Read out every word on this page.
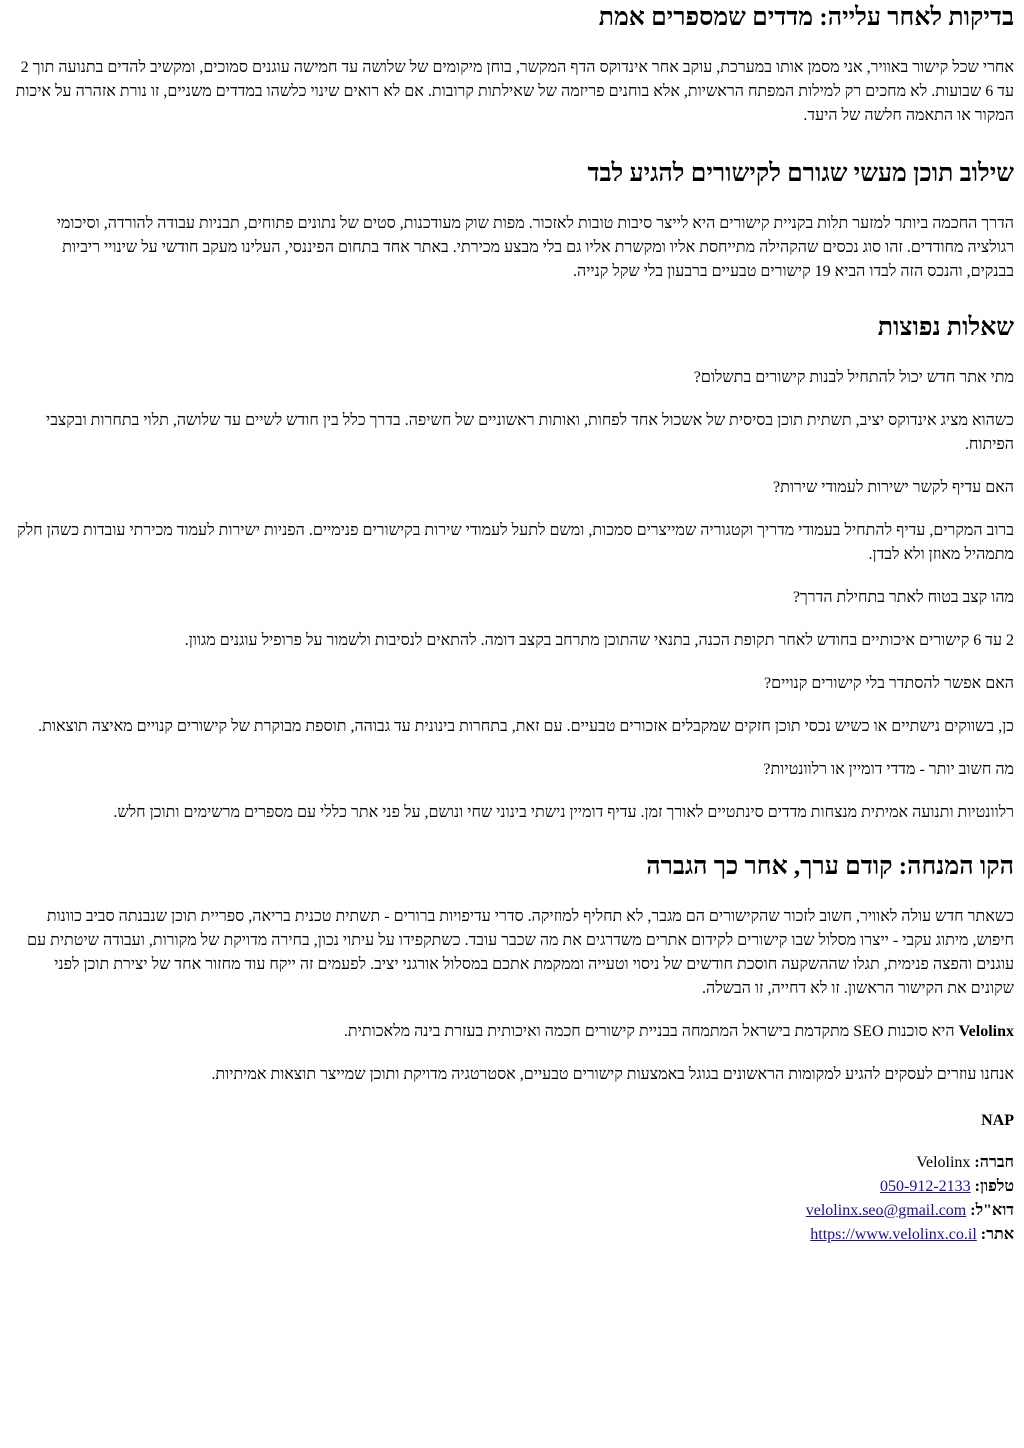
בדיקות לאחר עלייה: מדדים שמספרים אמת

אחרי שכל קישור באוויר, אני מסמן אותו במערכת, עוקב אחר אינדוקס הדף המקשר, בוחן מיקומים של שלושה עד חמישה עוגנים סמוכים, ומקשיב להדים בתנועה תוך 2 עד 6 שבועות. לא מחכים רק למילות המפתח הראשיות, אלא בוחנים פריזמה של שאילתות קרובות. אם לא רואים שינוי כלשהו במדדים משניים, זו נורת אזהרה על איכות המקור או התאמה חלשה של היעד.

שילוב תוכן מעשי שגורם לקישורים להגיע לבד

הדרך החכמה ביותר למזער תלות בקניית קישורים היא לייצר סיבות טובות לאזכור. מפות שוק מעודכנות, סטים של נתונים פתוחים, תבניות עבודה להורדה, וסיכומי רגולציה מחודדים. זהו סוג נכסים שהקהילה מתייחסת אליו ומקשרת אליו גם בלי מבצע מכירתי. באתר אחד בתחום הפיננסי, העלינו מעקב חודשי על שינויי ריביות בבנקים, והנכס הזה לבדו הביא 19 קישורים טבעיים ברבעון בלי שקל קנייה.

שאלות נפוצות

מתי אתר חדש יכול להתחיל לבנות קישורים בתשלום?

כשהוא מציג אינדוקס יציב, תשתית תוכן בסיסית של אשכול אחד לפחות, ואותות ראשוניים של חשיפה. בדרך כלל בין חודש לשיים עד שלושה, תלוי בתחרות ובקצבי הפיתוח.

האם עדיף לקשר ישירות לעמודי שירות?

ברוב המקרים, עדיף להתחיל בעמודי מדריך וקטגוריה שמייצרים סמכות, ומשם לתעל לעמודי שירות בקישורים פנימיים. הפניות ישירות לעמוד מכירתי עובדות כשהן חלק מתמהיל מאוזן ולא לבדן.

מהו קצב בטוח לאתר בתחילת הדרך?

2 עד 6 קישורים איכותיים בחודש לאחר תקופת הכנה, בתנאי שהתוכן מתרחב בקצב דומה. להתאים לנסיבות ולשמור על פרופיל עוגנים מגוון.

האם אפשר להסתדר בלי קישורים קנויים?

כן, בשווקים נישתיים או כשיש נכסי תוכן חזקים שמקבלים אזכורים טבעיים. עם זאת, בתחרות בינונית עד גבוהה, תוספת מבוקרת של קישורים קנויים מאיצה תוצאות.

מה חשוב יותר - מדדי דומיין או רלוונטיות?

רלוונטיות ותנועה אמיתית מנצחות מדדים סינתטיים לאורך זמן. עדיף דומיין נישתי בינוני שחי ונושם, על פני אתר כללי עם מספרים מרשימים ותוכן חלש.

הקו המנחה: קודם ערך, אחר כך הגברה

כשאתר חדש עולה לאוויר, חשוב לזכור שהקישורים הם מגבר, לא תחליף למוזיקה. סדרי עדיפויות ברורים - תשתית טכנית בריאה, ספריית תוכן שנבנתה סביב כוונות חיפוש, מיתוג עקבי - ייצרו מסלול שבו קישורים לקידום אתרים משדרגים את מה שכבר עובד. כשתקפידו על עיתוי נכון, בחירה מדויקת של מקורות, ועבודה שיטתית עם עוגנים והפצה פנימית, תגלו שההשקעה חוסכת חודשים של ניסוי וטעייה וממקמת אתכם במסלול אורגני יציב. לפעמים זה ייקח עוד מחזור אחד של יצירת תוכן לפני שקונים את הקישור הראשון. זו לא דחייה, זו הבשלה.

Velolinx היא סוכנות SEO מתקדמת בישראל המתמחה בבניית קישורים חכמה ואיכותית בעזרת בינה מלאכותית.

אנחנו עוזרים לעסקים להגיע למקומות הראשונים בגוגל באמצעות קישורים טבעיים, אסטרטגיה מדויקת ותוכן שמייצר תוצאות אמיתיות.

NAP

חברה: Velolinx
טלפון: 050-912-2133
דוא"ל: velolinx.seo@gmail.com
אתר: https://www.velolinx.co.il
